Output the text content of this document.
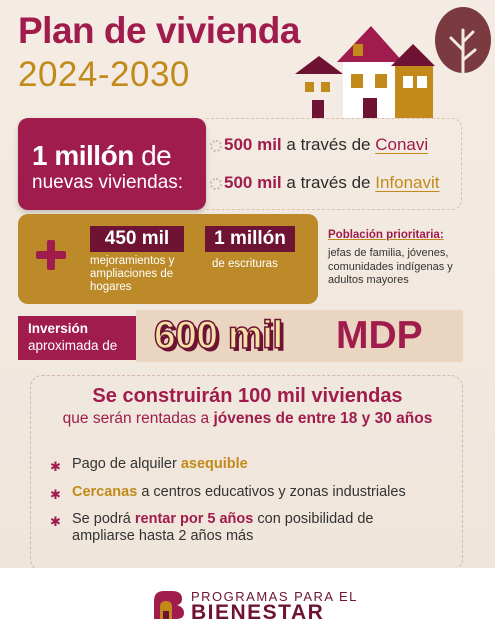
Plan de vivienda
2024-2030
1 millón de
nuevas viviendas:
500 mil a través de Conavi
500 mil a través de Infonavit
450 mil
mejoramientos y ampliaciones de hogares
1 millón
de escrituras
Población prioritaria:
jefas de familia, jóvenes, comunidades indígenas y adultos mayores
Inversión
aproximada de 600 mil MDP
Se construirán 100 mil viviendas
que serán rentadas a jóvenes de entre 18 y 30 años
✱ Pago de alquiler asequible
✱ Cercanas a centros educativos y zonas industriales
✱ Se podrá rentar por 5 años con posibilidad de ampliarse hasta 2 años más
PROGRAMAS PARA EL
BIENESTAR
